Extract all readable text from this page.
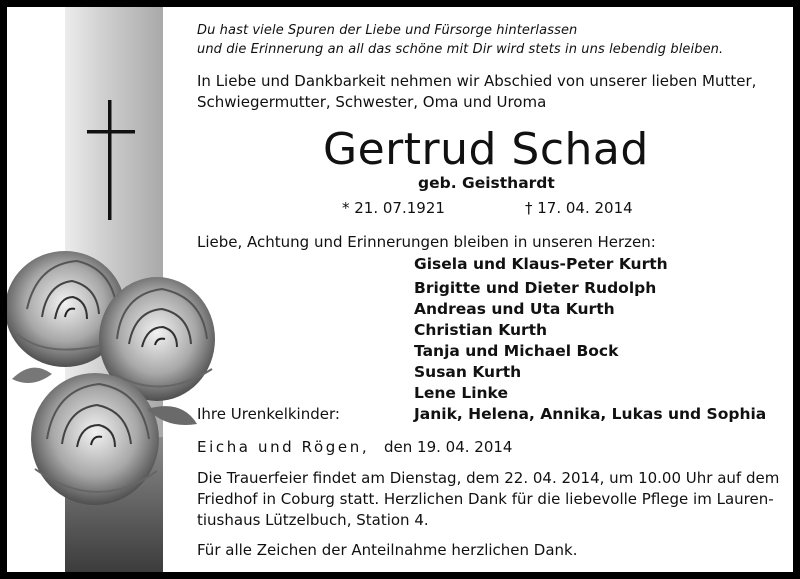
Du hast viele Spuren der Liebe und Fürsorge hinterlassen
und die Erinnerung an all das schöne mit Dir wird stets in uns lebendig bleiben.
In Liebe und Dankbarkeit nehmen wir Abschied von unserer lieben Mutter,
Schwiegermutter, Schwester, Oma und Uroma
Gertrud Schad
geb. Geisthardt
* 21. 07.1921	† 17. 04. 2014
Liebe, Achtung und Erinnerungen bleiben in unseren Herzen:
Gisela und Klaus-Peter Kurth
Brigitte und Dieter Rudolph
Andreas und Uta Kurth
Christian Kurth
Tanja und Michael Bock
Susan Kurth
Lene Linke
Ihre Urenkelkinder:	Janik, Helena, Annika, Lukas und Sophia
Eicha und Rögen, den 19. 04. 2014
Die Trauerfeier findet am Dienstag, dem 22. 04. 2014, um 10.00 Uhr auf dem
Friedhof in Coburg statt. Herzlichen Dank für die liebevolle Pflege im Lauren-
tiushaus Lützelbuch, Station 4.
Für alle Zeichen der Anteilnahme herzlichen Dank.
